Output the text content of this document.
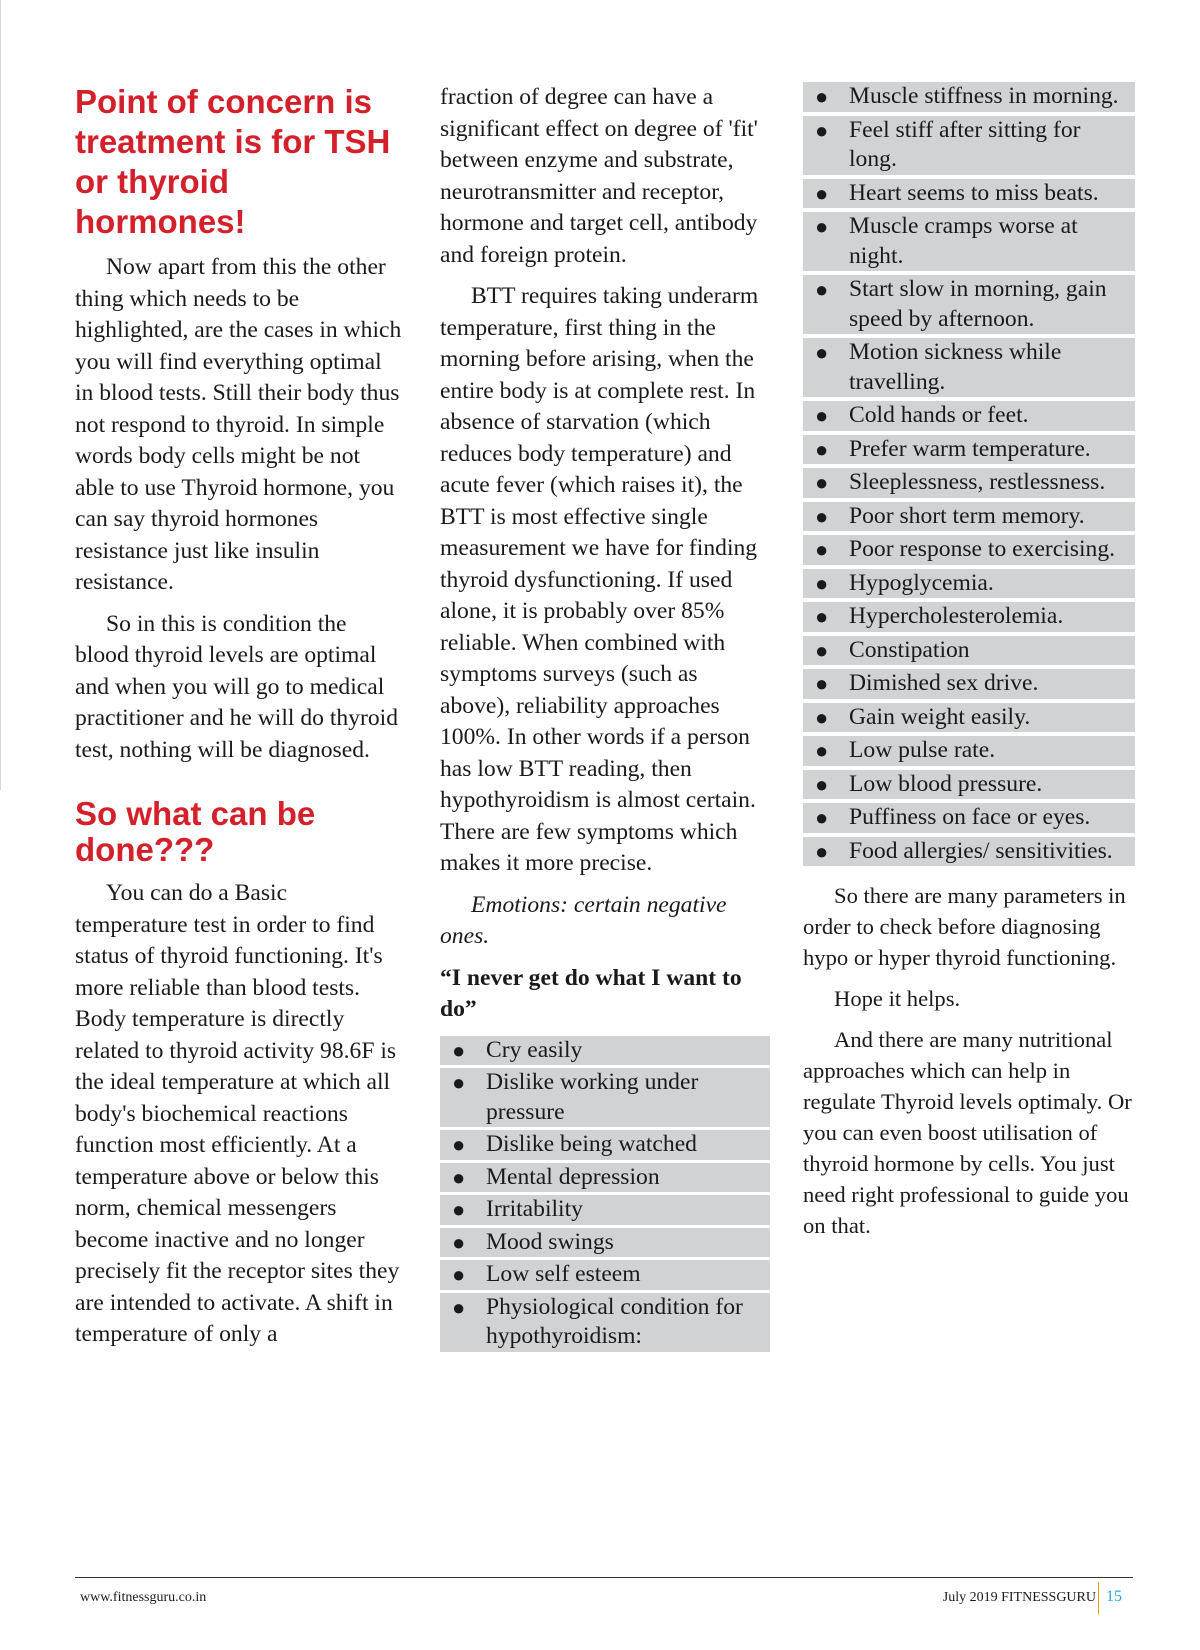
Point of concern is treatment is for TSH or thyroid hormones!

Now apart from this the other thing which needs to be highlighted, are the cases in which you will find everything optimal in blood tests. Still their body thus not respond to thyroid. In simple words body cells might be not able to use Thyroid hormone, you can say thyroid hormones resistance just like insulin resistance.

So in this is condition the blood thyroid levels are optimal and when you will go to medical practitioner and he will do thyroid test, nothing will be diagnosed.

So what can be done???

You can do a Basic temperature test in order to find status of thyroid functioning. It's more reliable than blood tests. Body temperature is directly related to thyroid activity 98.6F is the ideal temperature at which all body's biochemical reactions function most efficiently. At a temperature above or below this norm, chemical messengers become inactive and no longer precisely fit the receptor sites they are intended to activate. A shift in temperature of only a

fraction of degree can have a significant effect on degree of 'fit' between enzyme and substrate, neurotransmitter and receptor, hormone and target cell, antibody and foreign protein.

BTT requires taking underarm temperature, first thing in the morning before arising, when the entire body is at complete rest. In absence of starvation (which reduces body temperature) and acute fever (which raises it), the BTT is most effective single measurement we have for finding thyroid dysfunctioning. If used alone, it is probably over 85% reliable. When combined with symptoms surveys (such as above), reliability approaches 100%. In other words if a person has low BTT reading, then hypothyroidism is almost certain. There are few symptoms which makes it more precise.

Emotions: certain negative ones.

“I never get do what I want to do”

● Cry easily
● Dislike working under pressure
● Dislike being watched
● Mental depression
● Irritability
● Mood swings
● Low self esteem
● Physiological condition for hypothyroidism:
● Muscle stiffness in morning.
● Feel stiff after sitting for long.
● Heart seems to miss beats.
● Muscle cramps worse at night.
● Start slow in morning, gain speed by afternoon.
● Motion sickness while travelling.
● Cold hands or feet.
● Prefer warm temperature.
● Sleeplessness, restlessness.
● Poor short term memory.
● Poor response to exercising.
● Hypoglycemia.
● Hypercholesterolemia.
● Constipation
● Dimished sex drive.
● Gain weight easily.
● Low pulse rate.
● Low blood pressure.
● Puffiness on face or eyes.
● Food allergies/ sensitivities.

So there are many parameters in order to check before diagnosing hypo or hyper thyroid functioning.

Hope it helps.

And there are many nutritional approaches which can help in regulate Thyroid levels optimaly. Or you can even boost utilisation of thyroid hormone by cells. You just need right professional to guide you on that.

www.fitnessguru.co.in	July 2019 FITNESSGURU 15
